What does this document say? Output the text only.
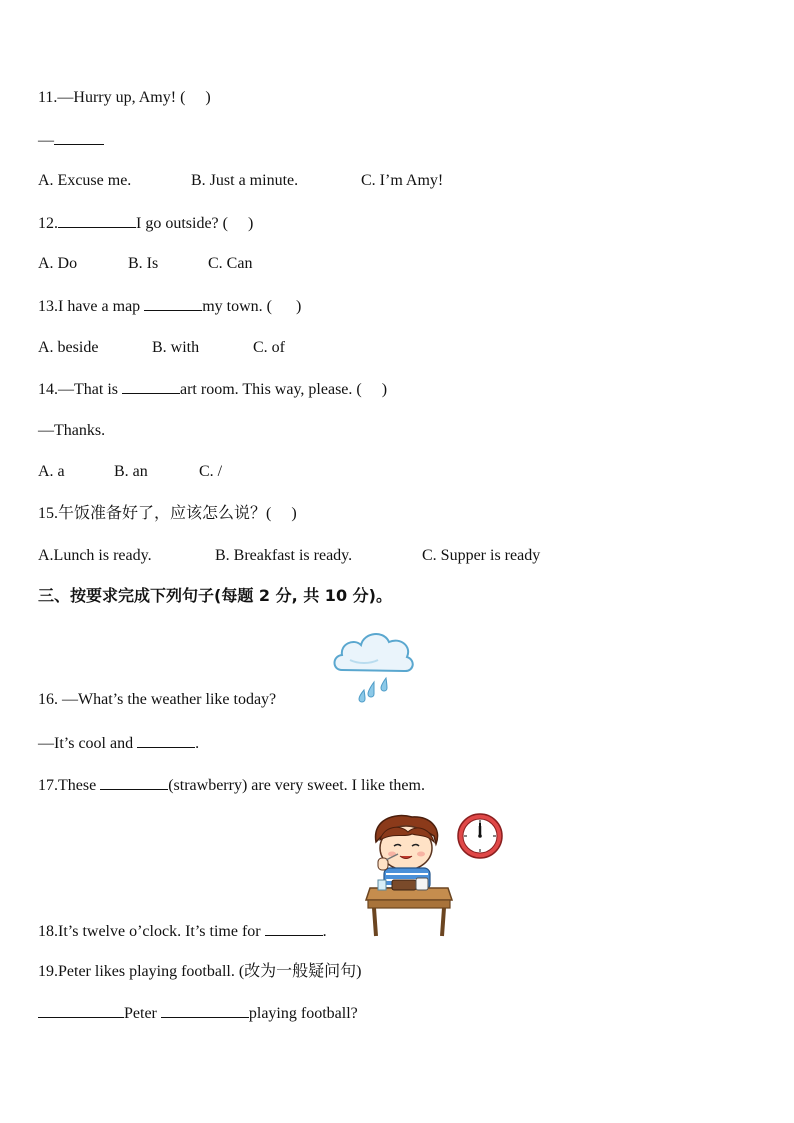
11.—Hurry up, Amy! (     )
—
A. Excuse me.	B. Just a minute.	C. I’m Amy!
12.	I go outside? (     )
A. Do	B. Is	C. Can
13.I have a map	my town. (      )
A. beside	B. with	C. of
14.—That is	art room. This way, please. (     )
—Thanks.
A. a	B. an	C. /
15.午饭准备好了，应该怎么说？(     )
A.Lunch is ready.	B. Breakfast is ready.	C. Supper is ready
三、按要求完成下列句子(每题 2 分, 共 10 分)。
16. —What’s the weather like today?
—It’s cool and	.
17.These	(strawberry) are very sweet. I like them.
18.It’s twelve o’clock. It’s time for	.
19.Peter likes playing football. (改为一般疑问句)
Peter	playing football?
